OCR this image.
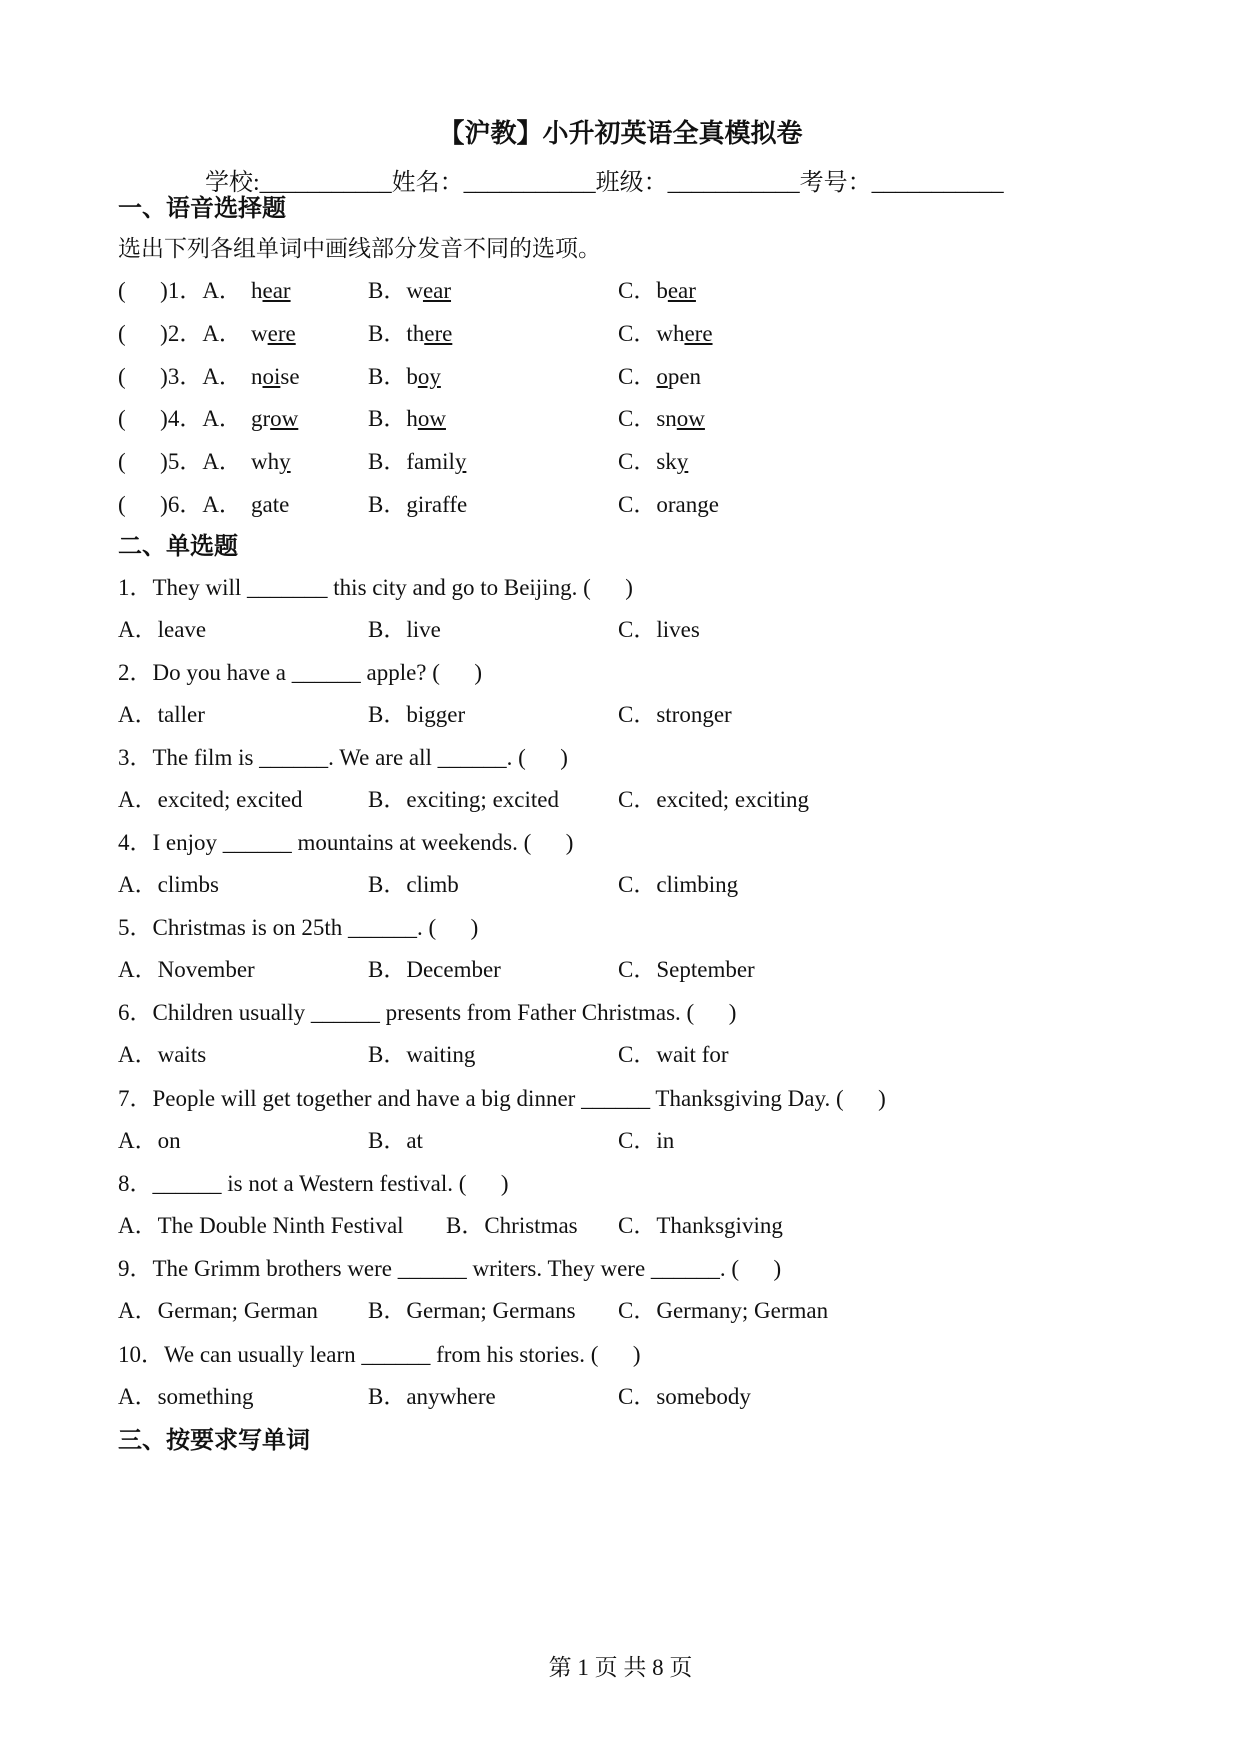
【沪教】小升初英语全真模拟卷
学校:___________姓名：___________班级：___________考号：___________
一、语音选择题
选出下列各组单词中画线部分发音不同的选项。
(      )1．A． hear	B．wear	C．bear
(      )2．A． were	B．there	C．where
(      )3．A． noise	B．boy	C．open
(      )4．A． grow	B．how	C．snow
(      )5．A． why	B．family	C．sky
(      )6．A． gate	B．giraffe	C．orange
二、单选题
1．They will _______ this city and go to Beijing. (      )
A．leave	B．live	C．lives
2．Do you have a ______ apple? (      )
A．taller	B．bigger	C．stronger
3．The film is ______. We are all ______. (      )
A．excited; excited	B．exciting; excited	C．excited; exciting
4．I enjoy ______ mountains at weekends. (      )
A．climbs	B．climb	C．climbing
5．Christmas is on 25th ______. (      )
A．November	B．December	C．September
6．Children usually ______ presents from Father Christmas. (      )
A．waits	B．waiting	C．wait for
7．People will get together and have a big dinner ______ Thanksgiving Day. (      )
A．on	B．at	C．in
8．______ is not a Western festival. (      )
A．The Double Ninth Festival B．Christmas C．Thanksgiving
9．The Grimm brothers were ______ writers. They were ______. (      )
A．German; German B．German; Germans C．Germany; German
10．We can usually learn ______ from his stories. (      )
A．something	B．anywhere	C．somebody
三、按要求写单词
第 1 页 共 8 页
